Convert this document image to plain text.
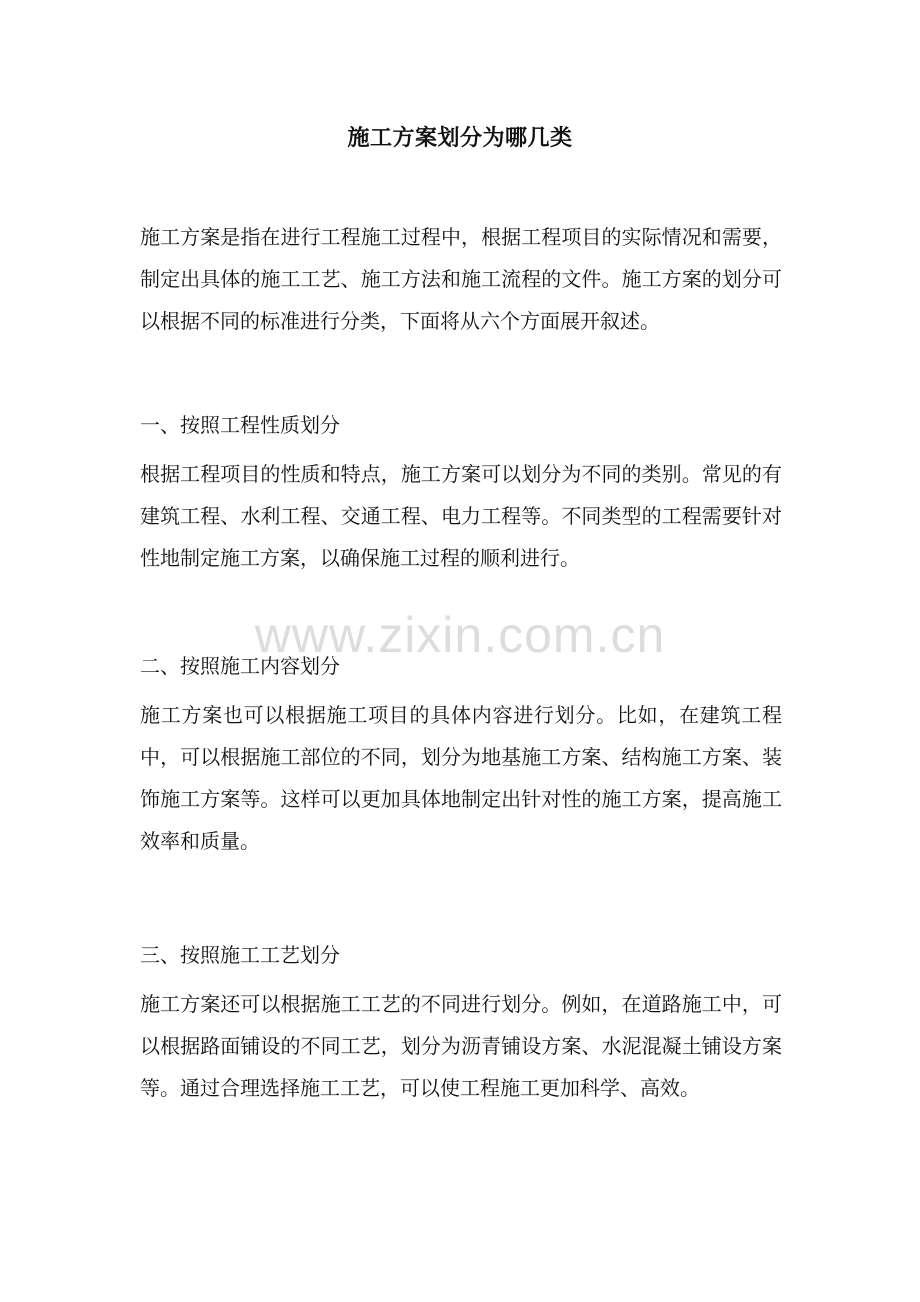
施工方案划分为哪几类

施工方案是指在进行工程施工过程中，根据工程项目的实际情况和需要，制定出具体的施工工艺、施工方法和施工流程的文件。施工方案的划分可以根据不同的标准进行分类，下面将从六个方面展开叙述。

一、按照工程性质划分

根据工程项目的性质和特点，施工方案可以划分为不同的类别。常见的有建筑工程、水利工程、交通工程、电力工程等。不同类型的工程需要针对性地制定施工方案，以确保施工过程的顺利进行。

二、按照施工内容划分

施工方案也可以根据施工项目的具体内容进行划分。比如，在建筑工程中，可以根据施工部位的不同，划分为地基施工方案、结构施工方案、装饰施工方案等。这样可以更加具体地制定出针对性的施工方案，提高施工效率和质量。

三、按照施工工艺划分

施工方案还可以根据施工工艺的不同进行划分。例如，在道路施工中，可以根据路面铺设的不同工艺，划分为沥青铺设方案、水泥混凝土铺设方案等。通过合理选择施工工艺，可以使工程施工更加科学、高效。

www.zixin.com.cn
